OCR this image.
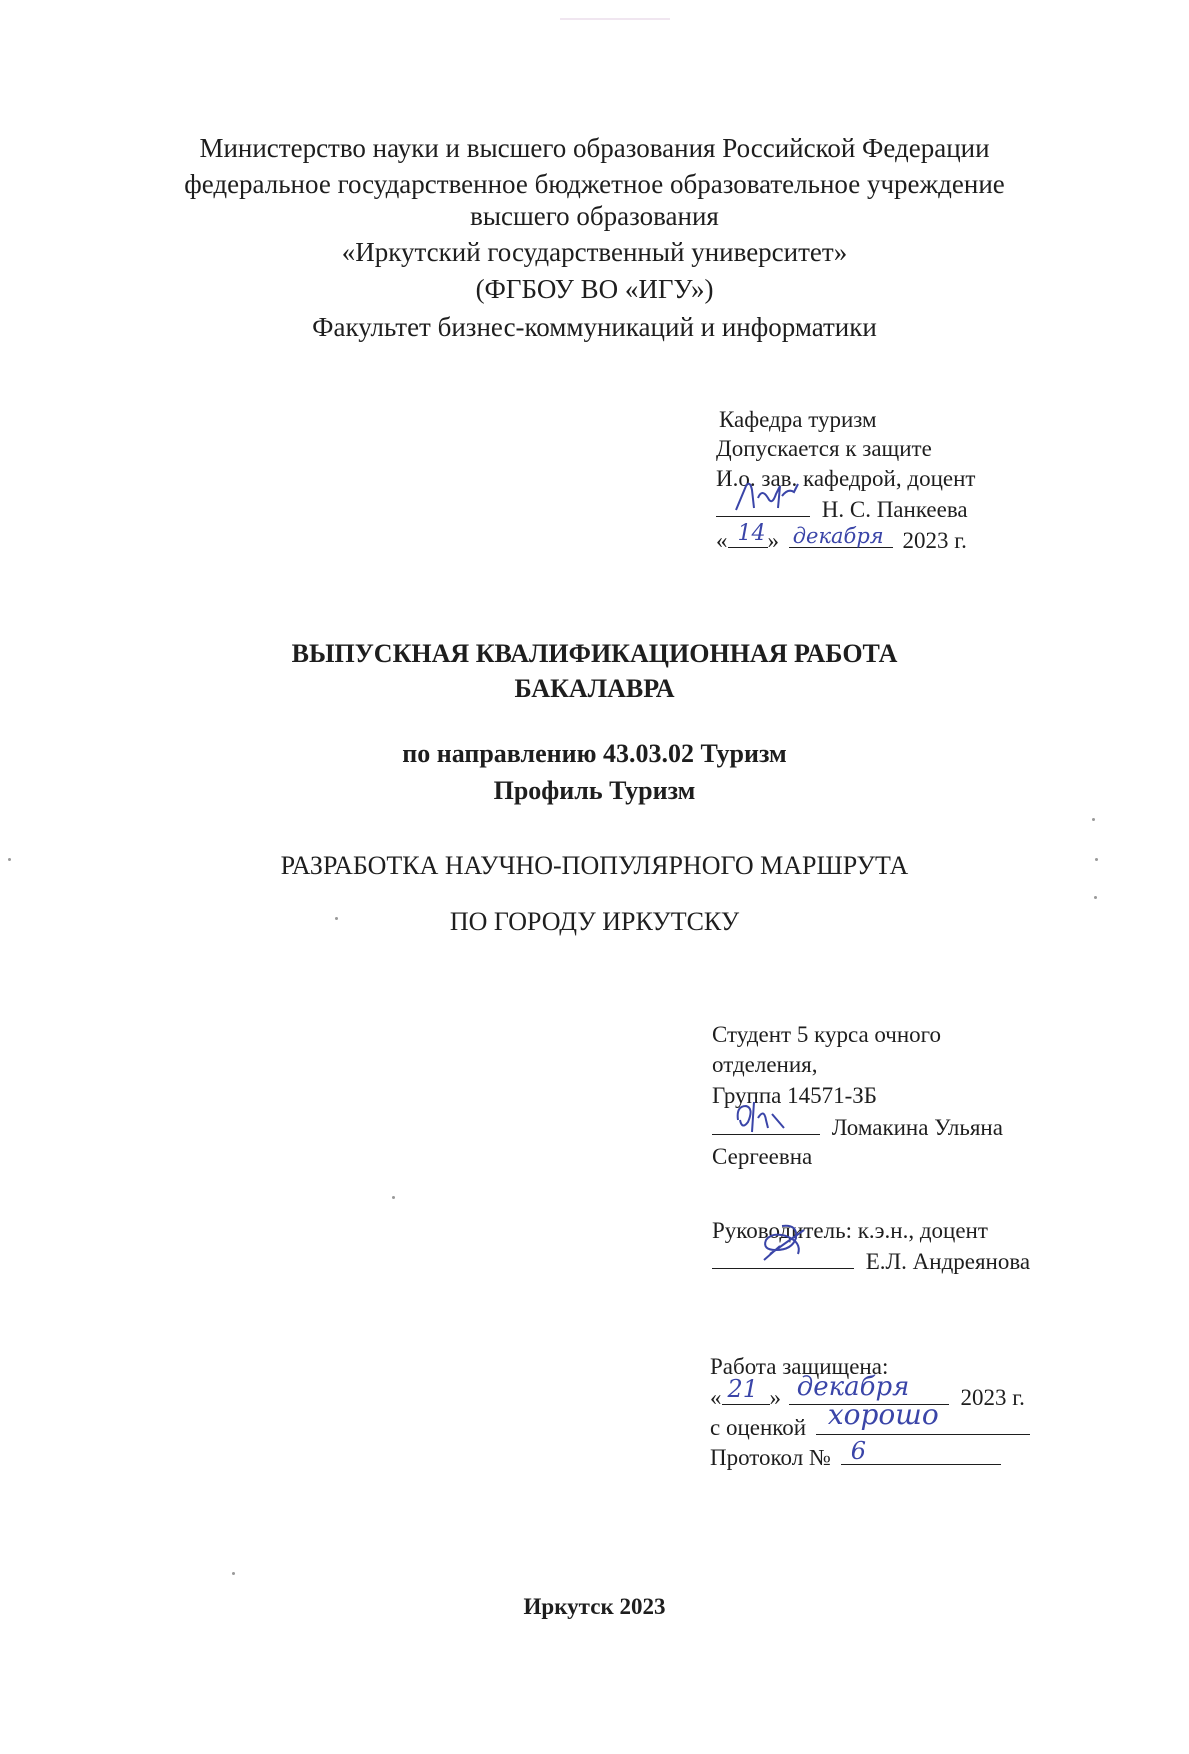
Министерство науки и высшего образования Российской Федерации
федеральное государственное бюджетное образовательное учреждение
высшего образования
«Иркутский государственный университет»
(ФГБОУ ВО «ИГУ»)
Факультет бизнес-коммуникаций и информатики
Кафедра туризм
Допускается к защите
И.о. зав. кафедрой, доцент
Н. С. Панкеева
« 14 » декабря 2023 г.
ВЫПУСКНАЯ КВАЛИФИКАЦИОННАЯ РАБОТА
БАКАЛАВРА
по направлению 43.03.02 Туризм
Профиль Туризм
РАЗРАБОТКА НАУЧНО-ПОПУЛЯРНОГО МАРШРУТА
ПО ГОРОДУ ИРКУТСКУ
Студент 5 курса очного
отделения,
Группа 14571-ЗБ
Ломакина Ульяна
Сергеевна
Руководитель: к.э.н., доцент
Е.Л. Андреянова
Работа защищена:
« 21 » декабря 2023 г.
с оценкой хорошо
Протокол № 6
Иркутск 2023
